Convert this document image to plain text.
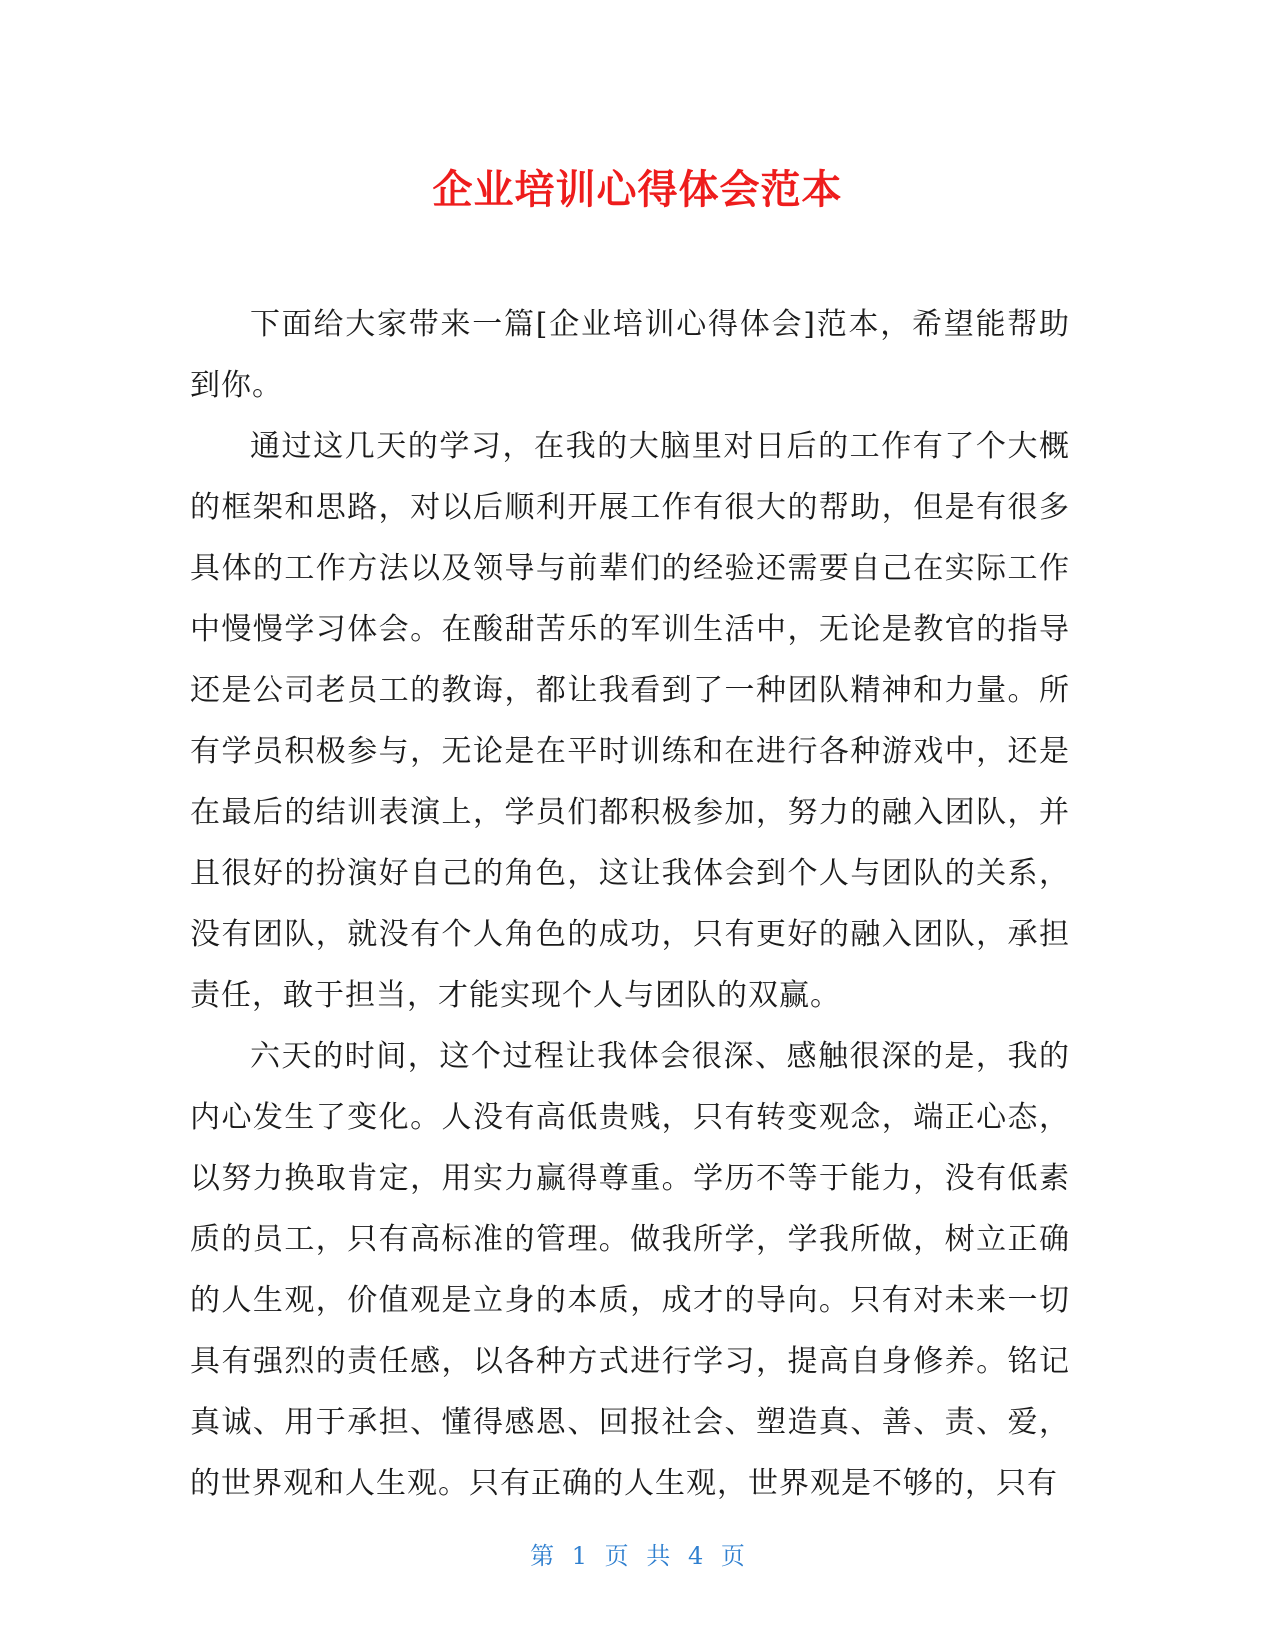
企业培训心得体会范本

下面给大家带来一篇[企业培训心得体会]范本，希望能帮助到你。

通过这几天的学习，在我的大脑里对日后的工作有了个大概的框架和思路，对以后顺利开展工作有很大的帮助，但是有很多具体的工作方法以及领导与前辈们的经验还需要自己在实际工作中慢慢学习体会。在酸甜苦乐的军训生活中，无论是教官的指导还是公司老员工的教诲，都让我看到了一种团队精神和力量。所有学员积极参与，无论是在平时训练和在进行各种游戏中，还是在最后的结训表演上，学员们都积极参加，努力的融入团队，并且很好的扮演好自己的角色，这让我体会到个人与团队的关系，没有团队，就没有个人角色的成功，只有更好的融入团队，承担责任，敢于担当，才能实现个人与团队的双赢。

六天的时间，这个过程让我体会很深、感触很深的是，我的内心发生了变化。人没有高低贵贱，只有转变观念，端正心态，以努力换取肯定，用实力赢得尊重。学历不等于能力，没有低素质的员工，只有高标准的管理。做我所学，学我所做，树立正确的人生观，价值观是立身的本质，成才的导向。只有对未来一切具有强烈的责任感，以各种方式进行学习，提高自身修养。铭记真诚、用于承担、懂得感恩、回报社会、塑造真、善、责、爱，的世界观和人生观。只有正确的人生观，世界观是不够的，只有

第 1 页 共 4 页
